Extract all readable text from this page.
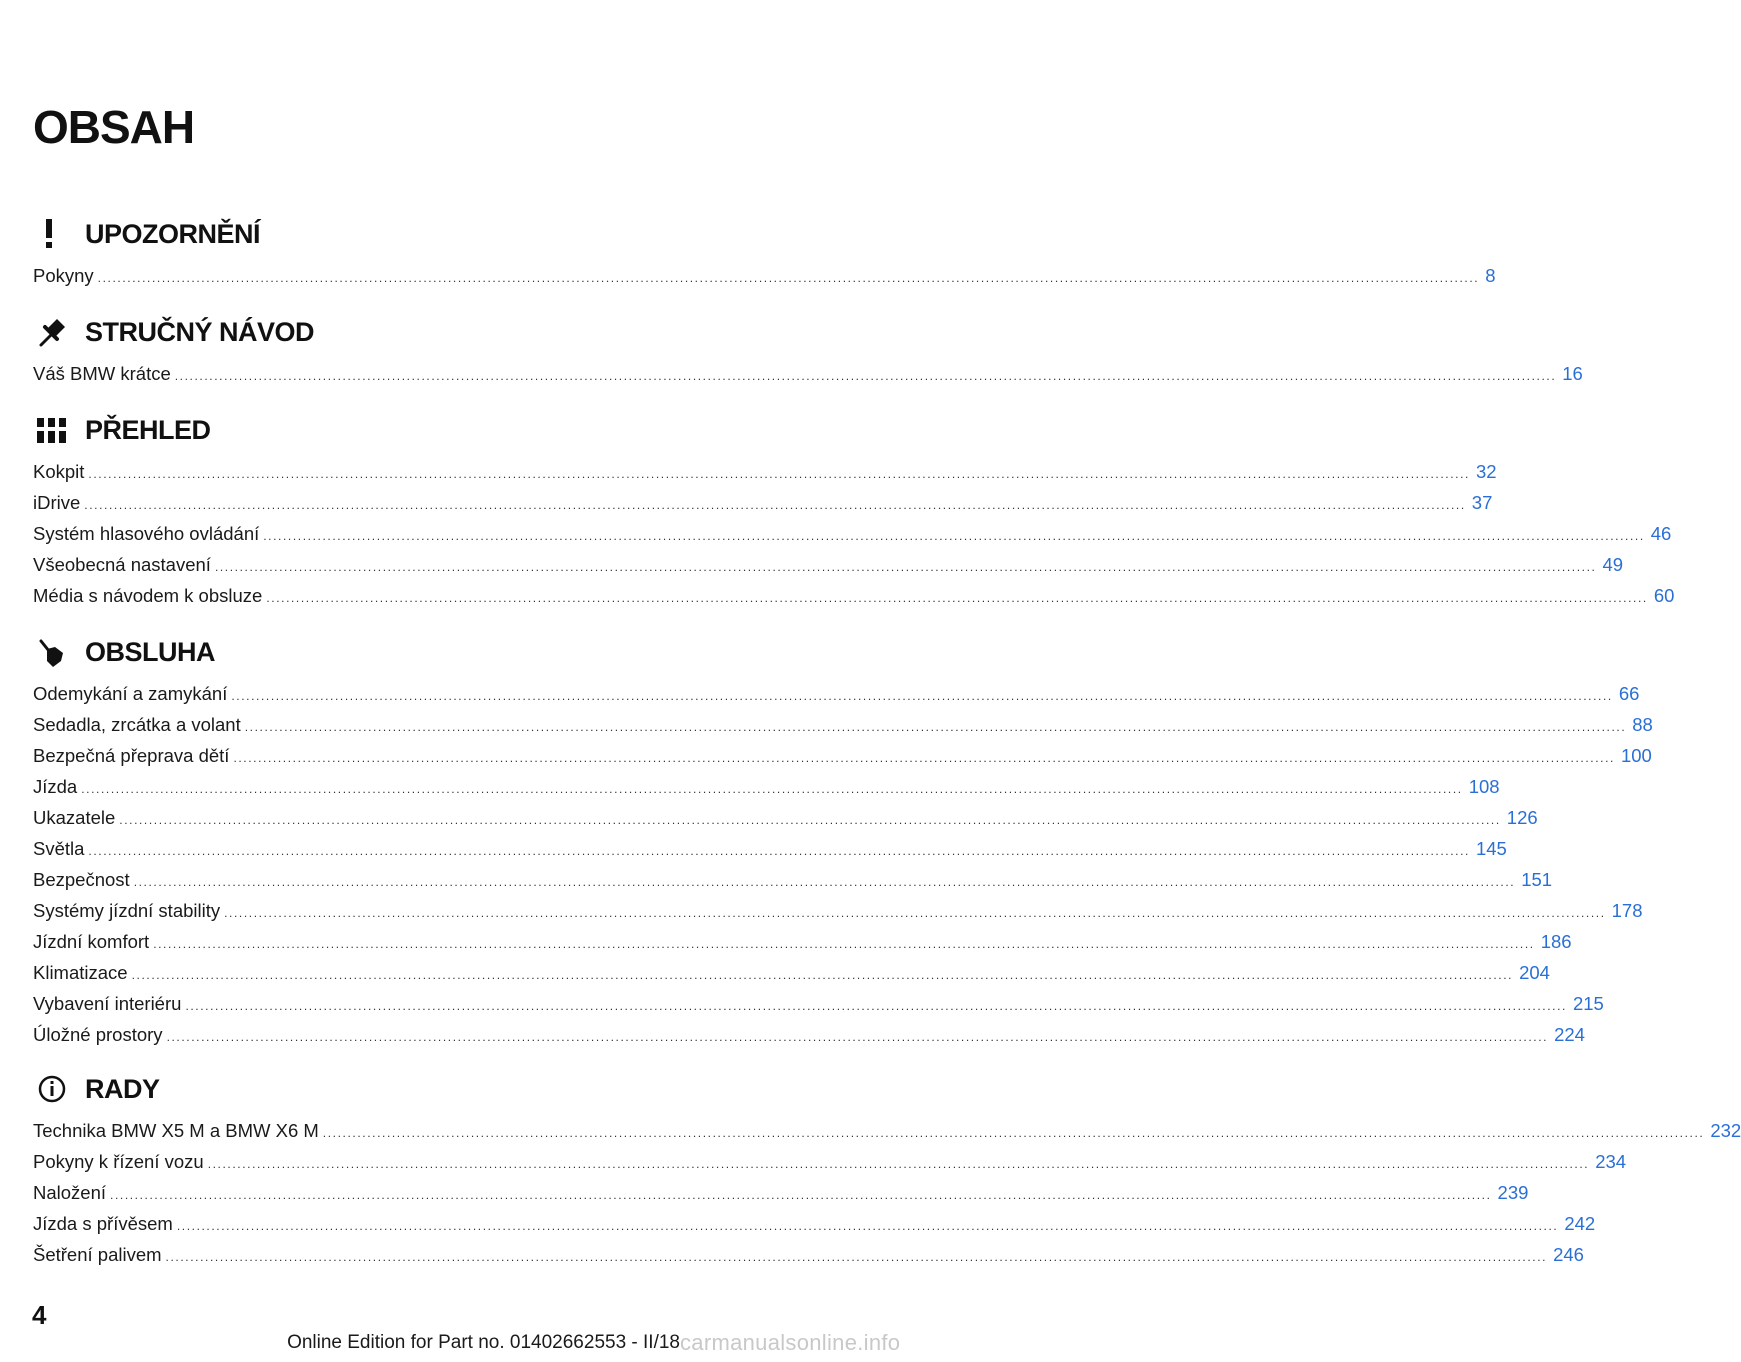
OBSAH
UPOZORNĚNÍ
Pokyny ........................................................................................................................................................................................................................................................................................ 8
STRUČNÝ NÁVOD
Váš BMW krátce ........................................................................................................................................................................................................................................................................................ 16
PŘEHLED
Kokpit ........................................................................................................................................................................................................................................................................................ 32
iDrive ........................................................................................................................................................................................................................................................................................ 37
Systém hlasového ovládání ........................................................................................................................................................................................................................................................................................ 46
Všeobecná nastavení ........................................................................................................................................................................................................................................................................................ 49
Média s návodem k obsluze ........................................................................................................................................................................................................................................................................................ 60
OBSLUHA
Odemykání a zamykání ........................................................................................................................................................................................................................................................................................ 66
Sedadla, zrcátka a volant ........................................................................................................................................................................................................................................................................................ 88
Bezpečná přeprava dětí ........................................................................................................................................................................................................................................................................................ 100
Jízda ........................................................................................................................................................................................................................................................................................ 108
Ukazatele ........................................................................................................................................................................................................................................................................................ 126
Světla ........................................................................................................................................................................................................................................................................................ 145
Bezpečnost ........................................................................................................................................................................................................................................................................................ 151
Systémy jízdní stability ........................................................................................................................................................................................................................................................................................ 178
Jízdní komfort ........................................................................................................................................................................................................................................................................................ 186
Klimatizace ........................................................................................................................................................................................................................................................................................ 204
Vybavení interiéru ........................................................................................................................................................................................................................................................................................ 215
Úložné prostory ........................................................................................................................................................................................................................................................................................ 224
RADY
Technika BMW X5 M a BMW X6 M ........................................................................................................................................................................................................................................................................................ 232
Pokyny k řízení vozu ........................................................................................................................................................................................................................................................................................ 234
Naložení ........................................................................................................................................................................................................................................................................................ 239
Jízda s přívěsem ........................................................................................................................................................................................................................................................................................ 242
Šetření palivem ........................................................................................................................................................................................................................................................................................ 246
4
Online Edition for Part no. 01402662553 - II/18 carmanualsonline.info
